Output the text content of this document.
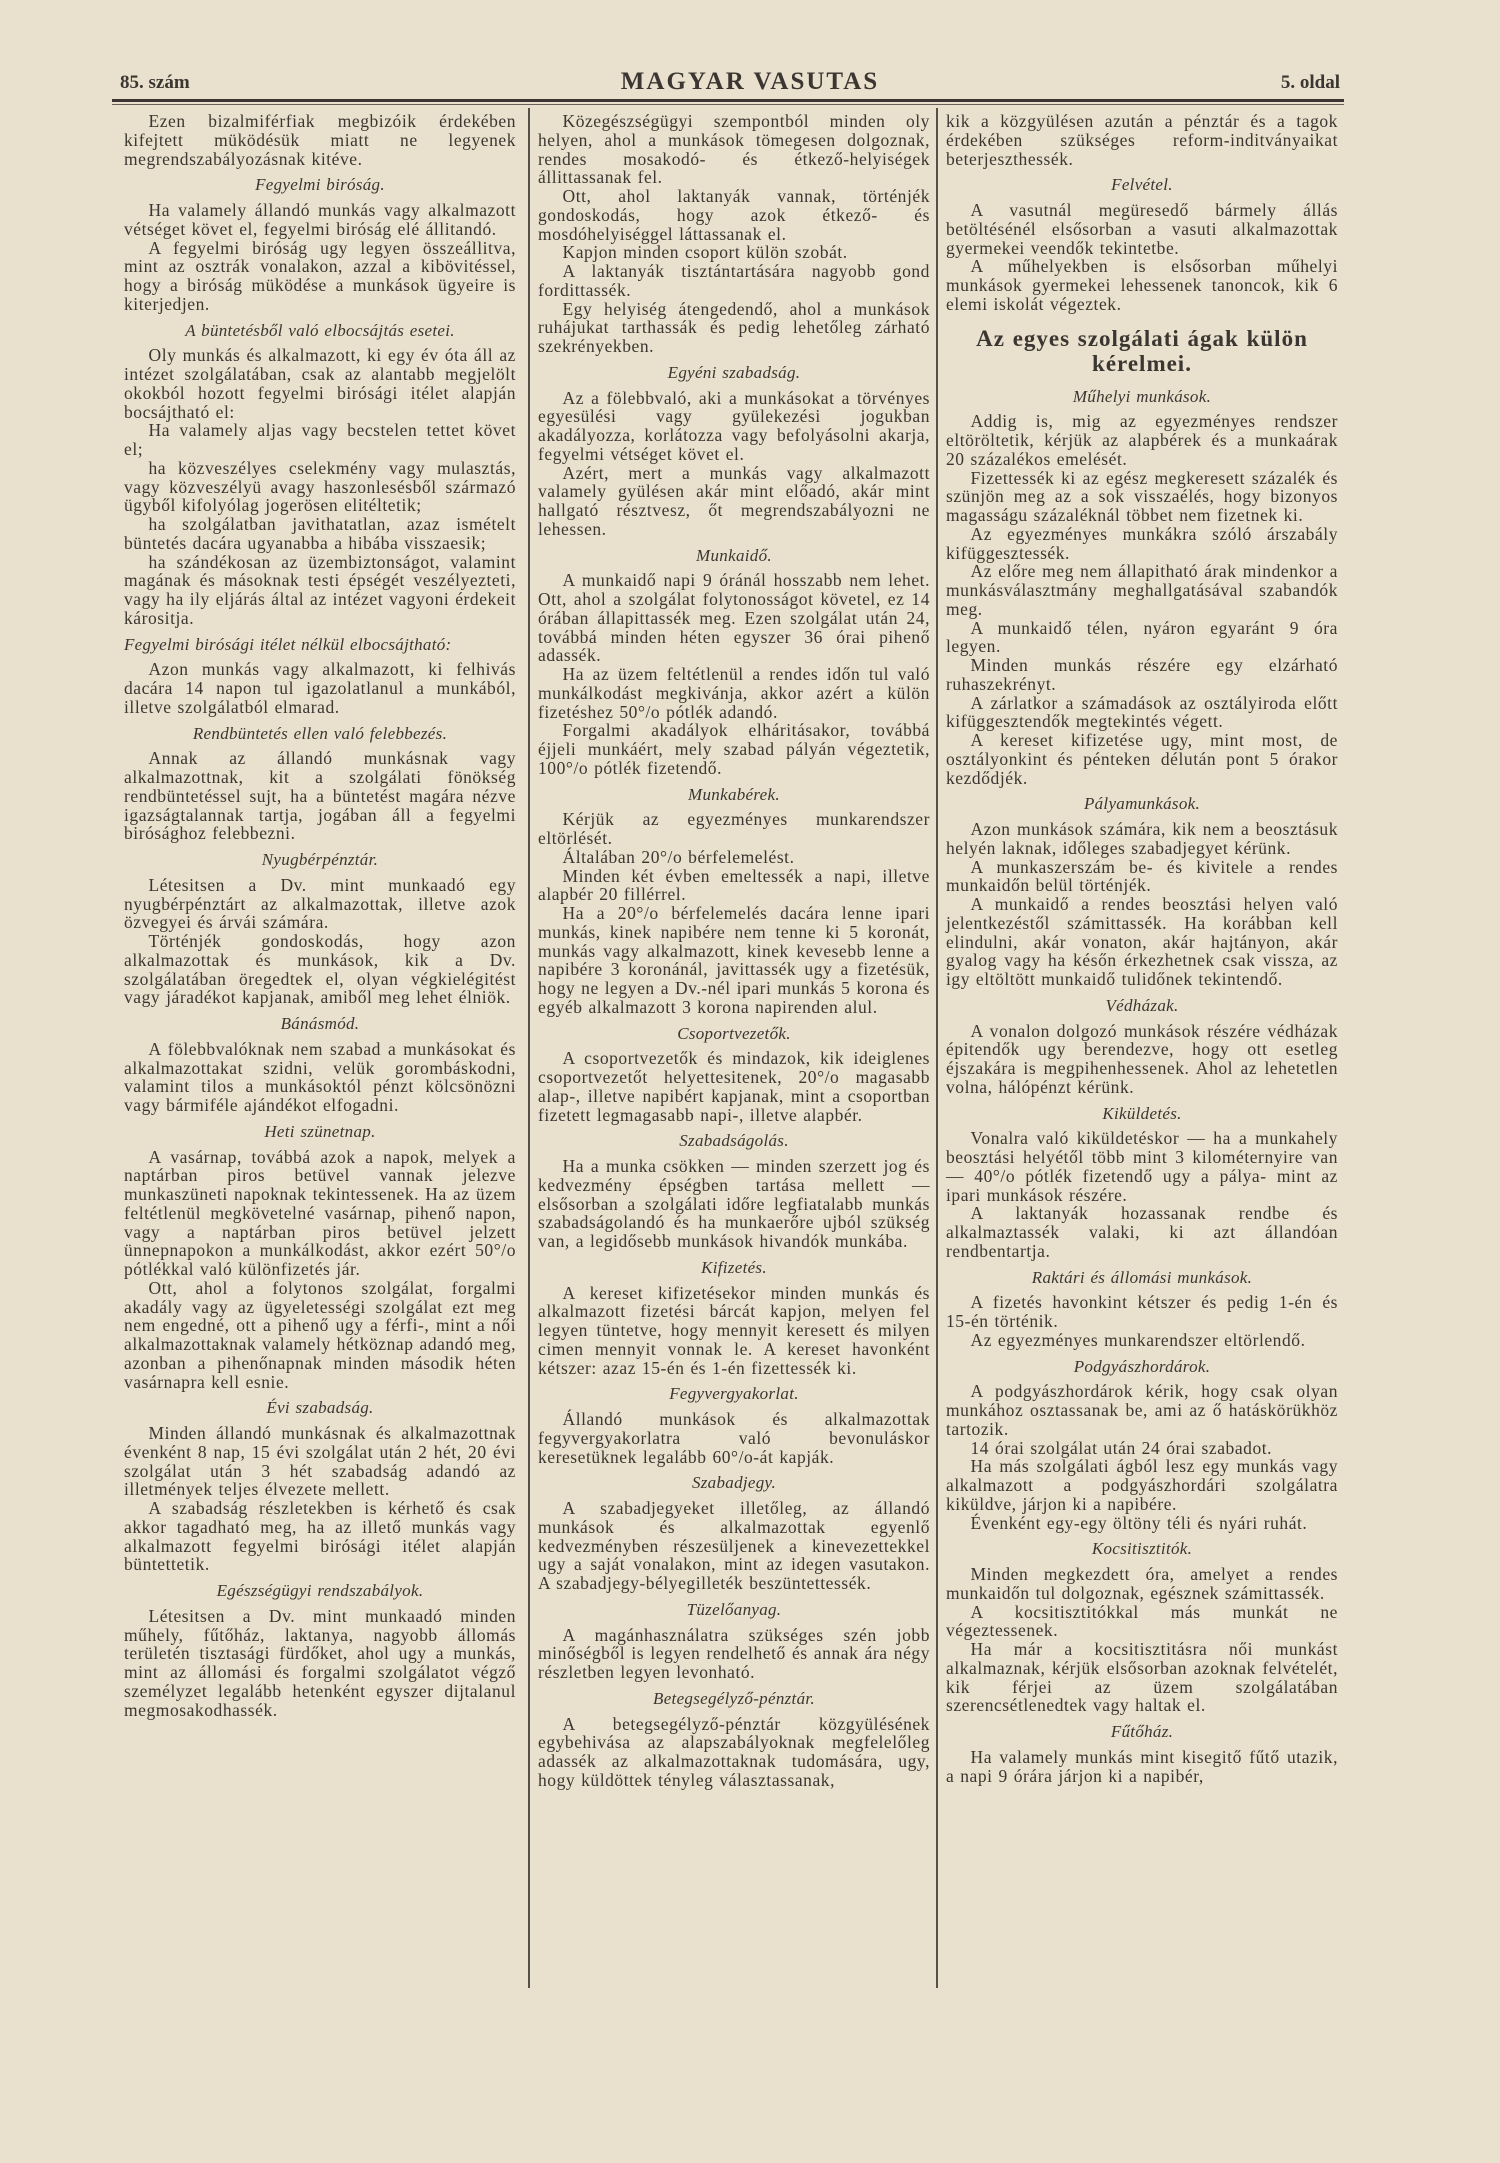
85. szám	MAGYAR VASUTAS	5. oldal

Ezen bizalmiférfiak megbizóik érdekében kifejtett müködésük miatt ne legyenek megrendszabályozásnak kitéve.

Fegyelmi biróság.

Ha valamely állandó munkás vagy alkalmazott vétséget követ el, fegyelmi biróság elé állitandó.

A fegyelmi biróság ugy legyen összeállitva, mint az osztrák vonalakon, azzal a kibövitéssel, hogy a biróság müködése a munkások ügyeire is kiterjedjen.

A büntetésből való elbocsájtás esetei.

Oly munkás és alkalmazott, ki egy év óta áll az intézet szolgálatában, csak az alantabb megjelölt okokból hozott fegyelmi birósági itélet alapján bocsájtható el:

Ha valamely aljas vagy becstelen tettet követ el;

ha közveszélyes cselekmény vagy mulasztás, vagy közveszélyü avagy haszonlesésből származó ügyből kifolyólag jogerösen elitéltetik;

ha szolgálatban javithatatlan, azaz ismételt büntetés dacára ugyanabba a hibába visszaesik;

ha szándékosan az üzembiztonságot, valamint magának és másoknak testi épségét veszélyezteti, vagy ha ily eljárás által az intézet vagyoni érdekeit kárositja.

Fegyelmi birósági itélet nélkül elbocsájtható:

Azon munkás vagy alkalmazott, ki felhivás dacára 14 napon tul igazolatlanul a munkából, illetve szolgálatból elmarad.

Rendbüntetés ellen való felebbezés.

Annak az állandó munkásnak vagy alkalmazottnak, kit a szolgálati fönökség rendbüntetéssel sujt, ha a büntetést magára nézve igazságtalannak tartja, jogában áll a fegyelmi birósághoz felebbezni.

Nyugbérpénztár.

Létesitsen a Dv. mint munkaadó egy nyugbérpénztárt az alkalmazottak, illetve azok özvegyei és árvái számára.

Történjék gondoskodás, hogy azon alkalmazottak és munkások, kik a Dv. szolgálatában öregedtek el, olyan végkielégitést vagy járadékot kapjanak, amiből meg lehet élniök.

Bánásmód.

A fölebbvalóknak nem szabad a munkásokat és alkalmazottakat szidni, velük gorombáskodni, valamint tilos a munkásoktól pénzt kölcsönözni vagy bármiféle ajándékot elfogadni.

Heti szünetnap.

A vasárnap, továbbá azok a napok, melyek a naptárban piros betüvel vannak jelezve munkaszüneti napoknak tekintessenek. Ha az üzem feltétlenül megkövetelné vasárnap, pihenő napon, vagy a naptárban piros betüvel jelzett ünnepnapokon a munkálkodást, akkor ezért 50°/o pótlékkal való különfizetés jár.

Ott, ahol a folytonos szolgálat, forgalmi akadály vagy az ügyeletességi szolgálat ezt meg nem engedné, ott a pihenő ugy a férfi-, mint a női alkalmazottaknak valamely hétköznap adandó meg, azonban a pihenőnapnak minden második héten vasárnapra kell esnie.

Évi szabadság.

Minden állandó munkásnak és alkalmazottnak évenként 8 nap, 15 évi szolgálat után 2 hét, 20 évi szolgálat után 3 hét szabadság adandó az illetmények teljes élvezete mellett.

A szabadság részletekben is kérhető és csak akkor tagadható meg, ha az illető munkás vagy alkalmazott fegyelmi birósági itélet alapján büntettetik.

Egészségügyi rendszabályok.

Létesitsen a Dv. mint munkaadó minden műhely, fűtőház, laktanya, nagyobb állomás területén tisztasági fürdőket, ahol ugy a munkás, mint az állomási és forgalmi szolgálatot végző személyzet legalább hetenként egyszer dijtalanul megmosakodhassék.

Közegészségügyi szempontból minden oly helyen, ahol a munkások tömegesen dolgoznak, rendes mosakodó- és étkező-helyiségek állittassanak fel.

Ott, ahol laktanyák vannak, történjék gondoskodás, hogy azok étkező- és mosdóhelyiséggel láttassanak el.

Kapjon minden csoport külön szobát.

A laktanyák tisztántartására nagyobb gond fordittassék.

Egy helyiség átengedendő, ahol a munkások ruhájukat tarthassák és pedig lehetőleg zárható szekrényekben.

Egyéni szabadság.

Az a fölebbvaló, aki a munkásokat a törvényes egyesülési vagy gyülekezési jogukban akadályozza, korlátozza vagy befolyásolni akarja, fegyelmi vétséget követ el.

Azért, mert a munkás vagy alkalmazott valamely gyülésen akár mint előadó, akár mint hallgató résztvesz, őt megrendszabályozni ne lehessen.

Munkaidő.

A munkaidő napi 9 óránál hosszabb nem lehet. Ott, ahol a szolgálat folytonosságot követel, ez 14 órában állapittassék meg. Ezen szolgálat után 24, továbbá minden héten egyszer 36 órai pihenő adassék.

Ha az üzem feltétlenül a rendes időn tul való munkálkodást megkivánja, akkor azért a külön fizetéshez 50°/o pótlék adandó.

Forgalmi akadályok elháritásakor, továbbá éjjeli munkáért, mely szabad pályán végeztetik, 100°/o pótlék fizetendő.

Munkabérek.

Kérjük az egyezményes munkarendszer eltörlését.

Általában 20°/o bérfelemelést.

Minden két évben emeltessék a napi, illetve alapbér 20 fillérrel.

Ha a 20°/o bérfelemelés dacára lenne ipari munkás, kinek napibére nem tenne ki 5 koronát, munkás vagy alkalmazott, kinek kevesebb lenne a napibére 3 koronánál, javittassék ugy a fizetésük, hogy ne legyen a Dv.-nél ipari munkás 5 korona és egyéb alkalmazott 3 korona napirenden alul.

Csoportvezetők.

A csoportvezetők és mindazok, kik ideiglenes csoportvezetőt helyettesitenek, 20°/o magasabb alap-, illetve napibért kapjanak, mint a csoportban fizetett legmagasabb napi-, illetve alapbér.

Szabadságolás.

Ha a munka csökken — minden szerzett jog és kedvezmény épségben tartása mellett — elsősorban a szolgálati időre legfiatalabb munkás szabadságolandó és ha munkaerőre ujból szükség van, a legidősebb munkások hivandók munkába.

Kifizetés.

A kereset kifizetésekor minden munkás és alkalmazott fizetési bárcát kapjon, melyen fel legyen tüntetve, hogy mennyit keresett és milyen cimen mennyit vonnak le. A kereset havonként kétszer: azaz 15-én és 1-én fizettessék ki.

Fegyvergyakorlat.

Állandó munkások és alkalmazottak fegyvergyakorlatra való bevonuláskor keresetüknek legalább 60°/o-át kapják.

Szabadjegy.

A szabadjegyeket illetőleg, az állandó munkások és alkalmazottak egyenlő kedvezményben részesüljenek a kinevezettekkel ugy a saját vonalakon, mint az idegen vasutakon. A szabadjegy-bélyegilleték beszüntettessék.

Tüzelőanyag.

A magánhasználatra szükséges szén jobb minőségből is legyen rendelhető és annak ára négy részletben legyen levonható.

Betegsegélyző-pénztár.

A betegsegélyző-pénztár közgyülésének egybehivása az alapszabályoknak megfelelőleg adassék az alkalmazottaknak tudomására, ugy, hogy küldöttek tényleg választassanak,

kik a közgyülésen azután a pénztár és a tagok érdekében szükséges reform-inditványaikat beterjeszthessék.

Felvétel.

A vasutnál megüresedő bármely állás betöltésénél elsősorban a vasuti alkalmazottak gyermekei veendők tekintetbe.

A műhelyekben is elsősorban műhelyi munkások gyermekei lehessenek tanoncok, kik 6 elemi iskolát végeztek.

Az egyes szolgálati ágak külön kérelmei.
Műhelyi munkások.

Addig is, mig az egyezményes rendszer eltöröltetik, kérjük az alapbérek és a munkaárak 20 százalékos emelését.

Fizettessék ki az egész megkeresett százalék és szünjön meg az a sok visszaélés, hogy bizonyos magasságu százaléknál többet nem fizetnek ki.

Az egyezményes munkákra szóló árszabály kifüggesztessék.

Az előre meg nem állapitható árak mindenkor a munkásválasztmány meghallgatásával szabandók meg.

A munkaidő télen, nyáron egyaránt 9 óra legyen.

Minden munkás részére egy elzárható ruhaszekrényt.

A zárlatkor a számadások az osztályiroda előtt kifüggesztendők megtekintés végett.

A kereset kifizetése ugy, mint most, de osztályonkint és pénteken délután pont 5 órakor kezdődjék.

Pályamunkások.

Azon munkások számára, kik nem a beosztásuk helyén laknak, időleges szabadjegyet kérünk.

A munkaszerszám be- és kivitele a rendes munkaidőn belül történjék.

A munkaidő a rendes beosztási helyen való jelentkezéstől számittassék. Ha korábban kell elindulni, akár vonaton, akár hajtányon, akár gyalog vagy ha későn érkezhetnek csak vissza, az igy eltöltött munkaidő tulidőnek tekintendő.

Védházak.

A vonalon dolgozó munkások részére védházak épitendők ugy berendezve, hogy ott esetleg éjszakára is megpihenhessenek. Ahol az lehetetlen volna, hálópénzt kérünk.

Kiküldetés.

Vonalra való kiküldetéskor — ha a munkahely beosztási helyétől több mint 3 kilométernyire van — 40°/o pótlék fizetendő ugy a pálya- mint az ipari munkások részére.

A laktanyák hozassanak rendbe és alkalmaztassék valaki, ki azt állandóan rendbentartja.

Raktári és állomási munkások.

A fizetés havonkint kétszer és pedig 1-én és 15-én történik.

Az egyezményes munkarendszer eltörlendő.

Podgyászhordárok.

A podgyászhordárok kérik, hogy csak olyan munkához osztassanak be, ami az ő hatáskörükhöz tartozik.

14 órai szolgálat után 24 órai szabadot.

Ha más szolgálati ágból lesz egy munkás vagy alkalmazott a podgyászhordári szolgálatra kiküldve, járjon ki a napibére.

Évenként egy-egy öltöny téli és nyári ruhát.

Kocsitisztitók.

Minden megkezdett óra, amelyet a rendes munkaidőn tul dolgoznak, egésznek számittassék.

A kocsitisztitókkal más munkát ne végeztessenek.

Ha már a kocsitisztitásra női munkást alkalmaznak, kérjük elsősorban azoknak felvételét, kik férjei az üzem szolgálatában szerencsétlenedtek vagy haltak el.

Fűtőház.

Ha valamely munkás mint kisegitő fűtő utazik, a napi 9 órára járjon ki a napibér,
